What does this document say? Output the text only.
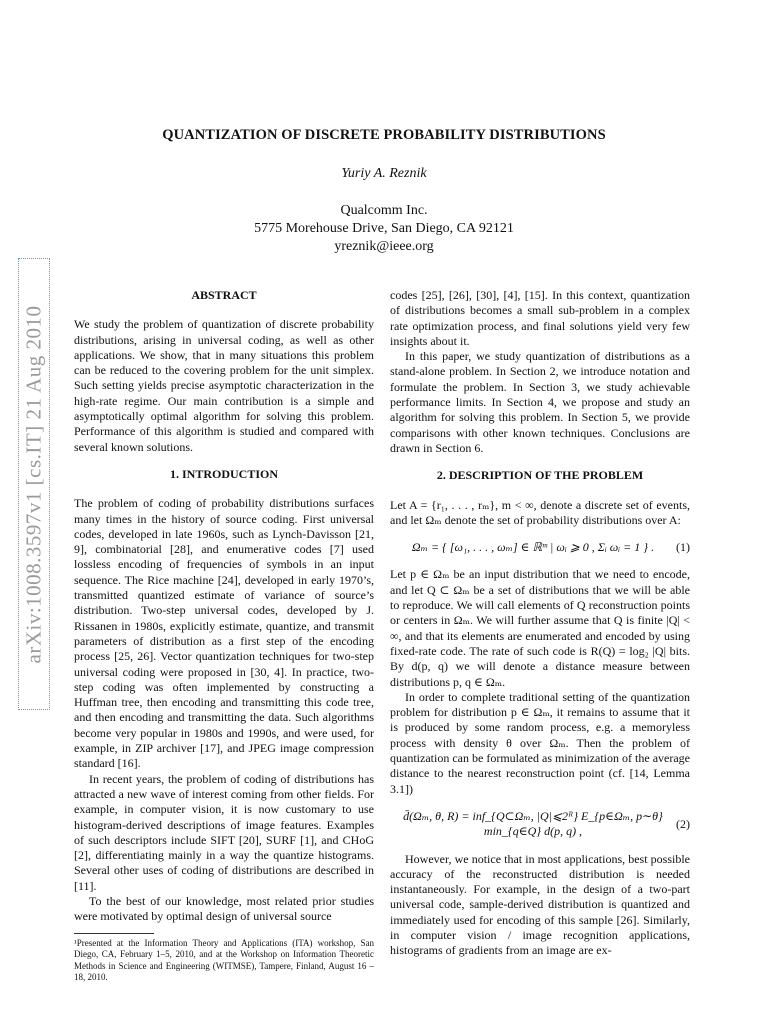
arXiv:1008.3597v1 [cs.IT] 21 Aug 2010
QUANTIZATION OF DISCRETE PROBABILITY DISTRIBUTIONS
Yuriy A. Reznik
Qualcomm Inc.
5775 Morehouse Drive, San Diego, CA 92121
yreznik@ieee.org
ABSTRACT

We study the problem of quantization of discrete probability distributions, arising in universal coding, as well as other applications. We show, that in many situations this problem can be reduced to the covering problem for the unit simplex. Such setting yields precise asymptotic characterization in the high-rate regime. Our main contribution is a simple and asymptotically optimal algorithm for solving this problem. Performance of this algorithm is studied and compared with several known solutions.

1. INTRODUCTION

The problem of coding of probability distributions surfaces many times in the history of source coding. First universal codes, developed in late 1960s, such as Lynch-Davisson [21, 9], combinatorial [28], and enumerative codes [7] used lossless encoding of frequencies of symbols in an input sequence. The Rice machine [24], developed in early 1970’s, transmitted quantized estimate of variance of source’s distribution. Two-step universal codes, developed by J. Rissanen in 1980s, explicitly estimate, quantize, and transmit parameters of distribution as a first step of the encoding process [25, 26]. Vector quantization techniques for two-step universal coding were proposed in [30, 4]. In practice, two-step coding was often implemented by constructing a Huffman tree, then encoding and transmitting this code tree, and then encoding and transmitting the data. Such algorithms become very popular in 1980s and 1990s, and were used, for example, in ZIP archiver [17], and JPEG image compression standard [16].

In recent years, the problem of coding of distributions has attracted a new wave of interest coming from other fields. For example, in computer vision, it is now customary to use histogram-derived descriptions of image features. Examples of such descriptors include SIFT [20], SURF [1], and CHoG [2], differentiating mainly in a way the quantize histograms. Several other uses of coding of distributions are described in [11].

To the best of our knowledge, most related prior studies were motivated by optimal design of universal source

¹Presented at the Information Theory and Applications (ITA) workshop, San Diego, CA, February 1–5, 2010, and at the Workshop on Information Theoretic Methods in Science and Engineering (WITMSE), Tampere, Finland, August 16 – 18, 2010.

codes [25], [26], [30], [4], [15]. In this context, quantization of distributions becomes a small sub-problem in a complex rate optimization process, and final solutions yield very few insights about it.

In this paper, we study quantization of distributions as a stand-alone problem. In Section 2, we introduce notation and formulate the problem. In Section 3, we study achievable performance limits. In Section 4, we propose and study an algorithm for solving this problem. In Section 5, we provide comparisons with other known techniques. Conclusions are drawn in Section 6.

2. DESCRIPTION OF THE PROBLEM

Let A = {r₁, . . . , rₘ}, m < ∞, denote a discrete set of events, and let Ωₘ denote the set of probability distributions over A:

Ωₘ = { [ω₁, . . . , ωₘ] ∈ ℝᵐ | ωᵢ ⩾ 0 , Σᵢ ωᵢ = 1 } .	(1)

Let p ∈ Ωₘ be an input distribution that we need to encode, and let Q ⊂ Ωₘ be a set of distributions that we will be able to reproduce. We will call elements of Q reconstruction points or centers in Ωₘ. We will further assume that Q is finite |Q| < ∞, and that its elements are enumerated and encoded by using fixed-rate code. The rate of such code is R(Q) = log₂ |Q| bits. By d(p, q) we will denote a distance measure between distributions p, q ∈ Ωₘ.

In order to complete traditional setting of the quantization problem for distribution p ∈ Ωₘ, it remains to assume that it is produced by some random process, e.g. a memoryless process with density θ over Ωₘ. Then the problem of quantization can be formulated as minimization of the average distance to the nearest reconstruction point (cf. [14, Lemma 3.1])

d̄(Ωₘ, θ, R) = inf_{Q⊂Ωₘ, |Q|⩽2ᴿ} E_{p∈Ωₘ, p∼θ} min_{q∈Q} d(p, q) ,
(2)

However, we notice that in most applications, best possible accuracy of the reconstructed distribution is needed instantaneously. For example, in the design of a two-part universal code, sample-derived distribution is quantized and immediately used for encoding of this sample [26]. Similarly, in computer vision / image recognition applications, histograms of gradients from an image are ex-
